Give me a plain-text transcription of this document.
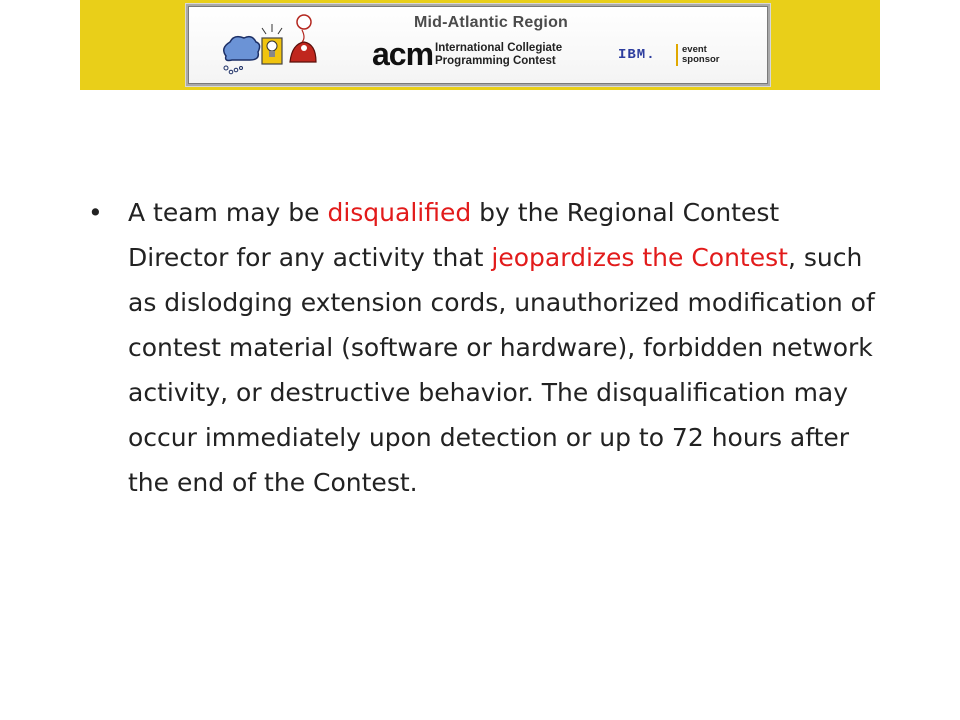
Mid-Atlantic Region
acm International Collegiate
Programming Contest	IBM.	event
sponsor
•	A team may be disqualified by the Regional Contest Director for any activity that jeopardizes the Contest, such as dislodging extension cords, unauthorized modification of contest material (software or hardware), forbidden network activity, or destructive behavior. The disqualification may occur immediately upon detection or up to 72 hours after the end of the Contest.
